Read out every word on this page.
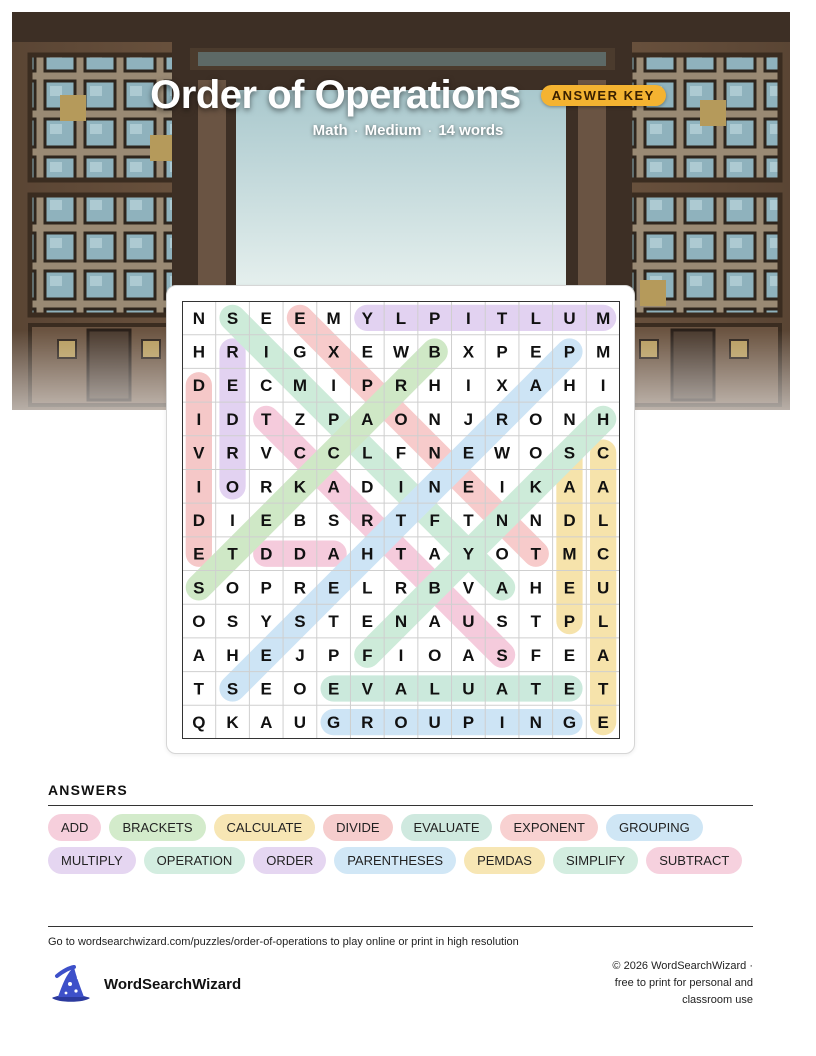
Order of Operations	ANSWER KEY
Math · Medium · 14 words
N S E E M Y L P I T L U M
H R I G X E W B X P E P M
D E C M I P R H I X A H I
I D T Z P A O N J R O N H
V R V C C L F N E W O S C
I O R K A D I N E I K A A
D I E B S R T F T N N D L
E T D D A H T A Y O T M C
S O P R E L R B V A H E U
O S Y S T E N A U S T P L
A H E J P F I O A S F E A
T S E O E V A L U A T E T
Q K A U G R O U P I N G E
ANSWERS
ADD	BRACKETS	CALCULATE	DIVIDE	EVALUATE	EXPONENT	GROUPING
MULTIPLY	OPERATION	ORDER	PARENTHESES	PEMDAS	SIMPLIFY	SUBTRACT
Go to wordsearchwizard.com/puzzles/order-of-operations to play online or print in high resolution
WordSearchWizard
© 2026 WordSearchWizard ·
free to print for personal and
classroom use
